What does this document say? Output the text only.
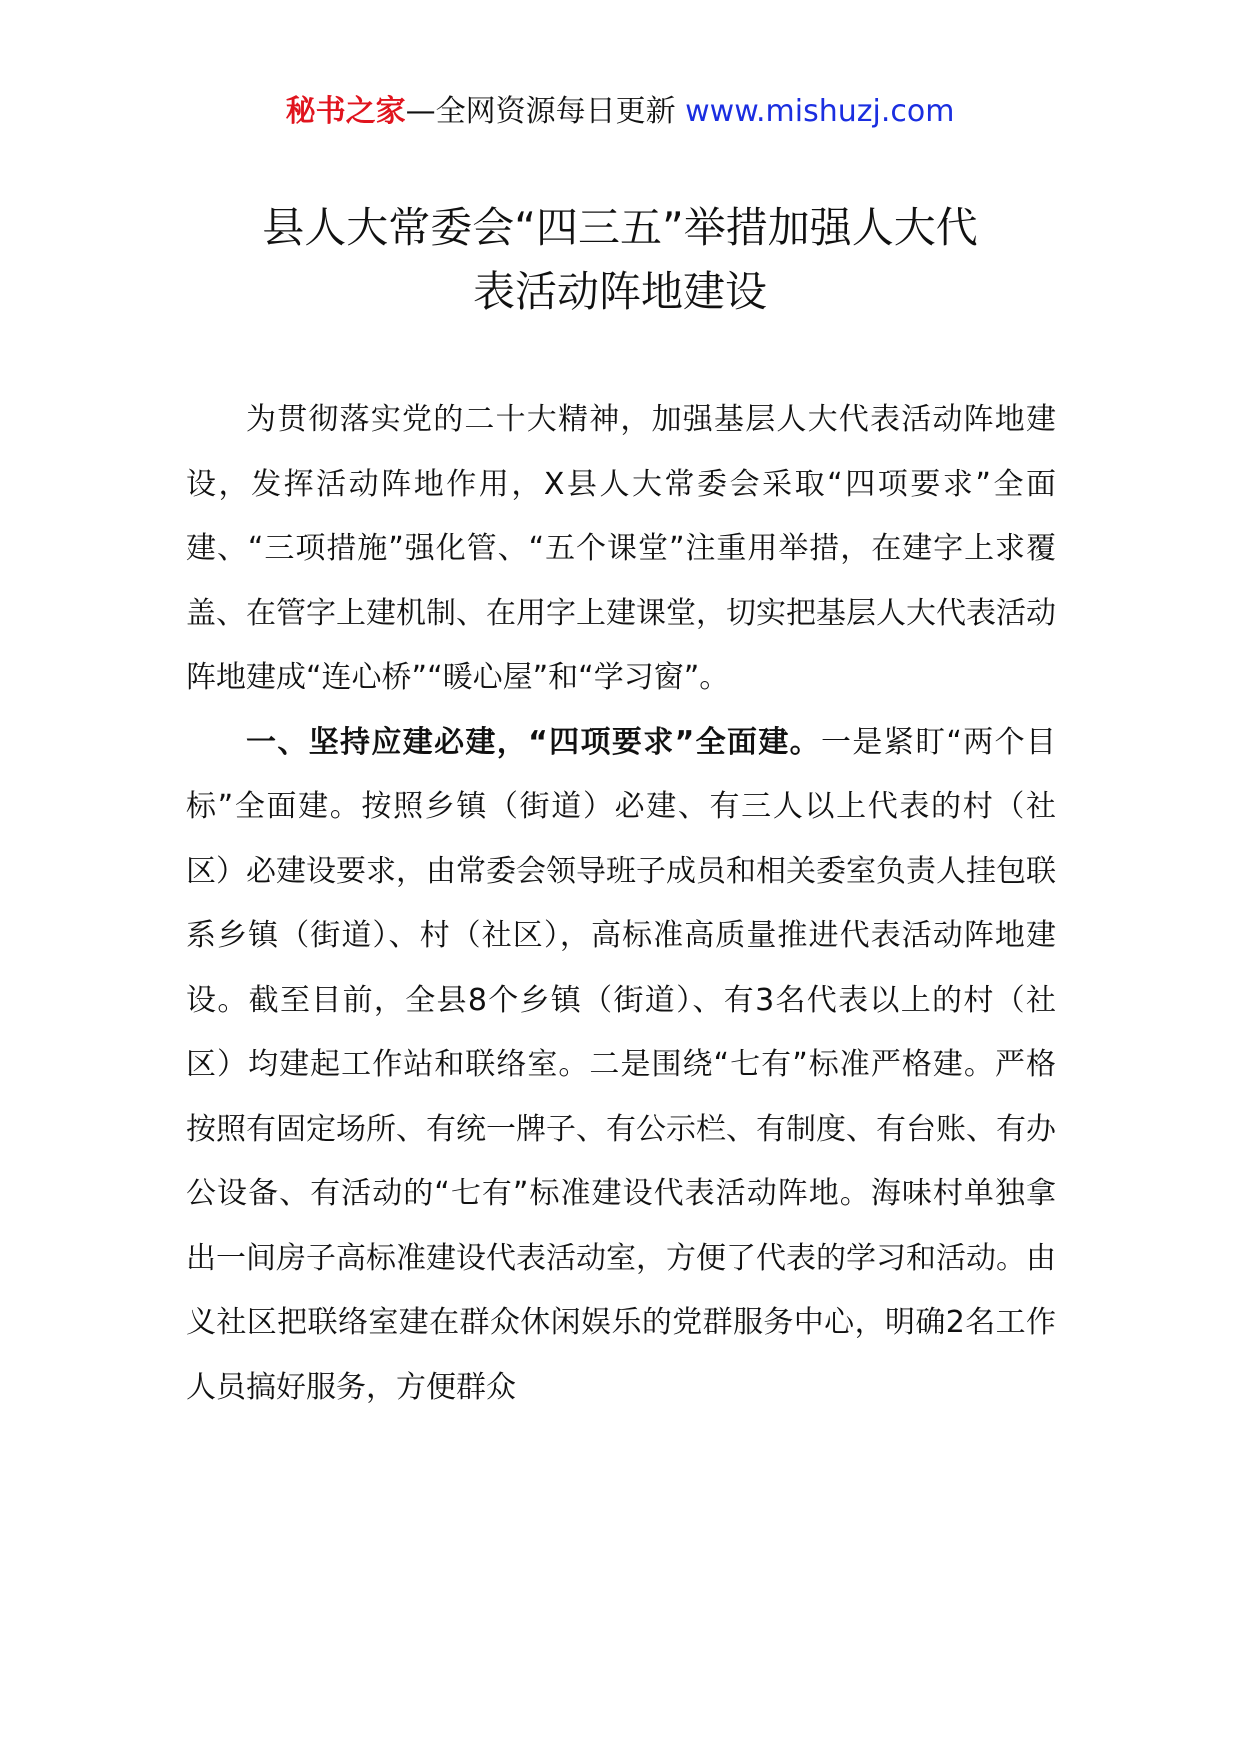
秘书之家—全网资源每日更新 www.mishuzj.com
县人大常委会“四三五”举措加强人大代
表活动阵地建设

为贯彻落实党的二十大精神，加强基层人大代表活动阵地建设，发挥活动阵地作用，X县人大常委会采取“四项要求”全面建、“三项措施”强化管、“五个课堂”注重用举措，在建字上求覆盖、在管字上建机制、在用字上建课堂，切实把基层人大代表活动阵地建成“连心桥”“暖心屋”和“学习窗”。

一、坚持应建必建，“四项要求”全面建。一是紧盯“两个目标”全面建。按照乡镇（街道）必建、有三人以上代表的村（社区）必建设要求，由常委会领导班子成员和相关委室负责人挂包联系乡镇（街道）、村（社区），高标准高质量推进代表活动阵地建设。截至目前，全县8个乡镇（街道）、有3名代表以上的村（社区）均建起工作站和联络室。二是围绕“七有”标准严格建。严格按照有固定场所、有统一牌子、有公示栏、有制度、有台账、有办公设备、有活动的“七有”标准建设代表活动阵地。海味村单独拿出一间房子高标准建设代表活动室，方便了代表的学习和活动。由义社区把联络室建在群众休闲娱乐的党群服务中心，明确2名工作人员搞好服务，方便群众
